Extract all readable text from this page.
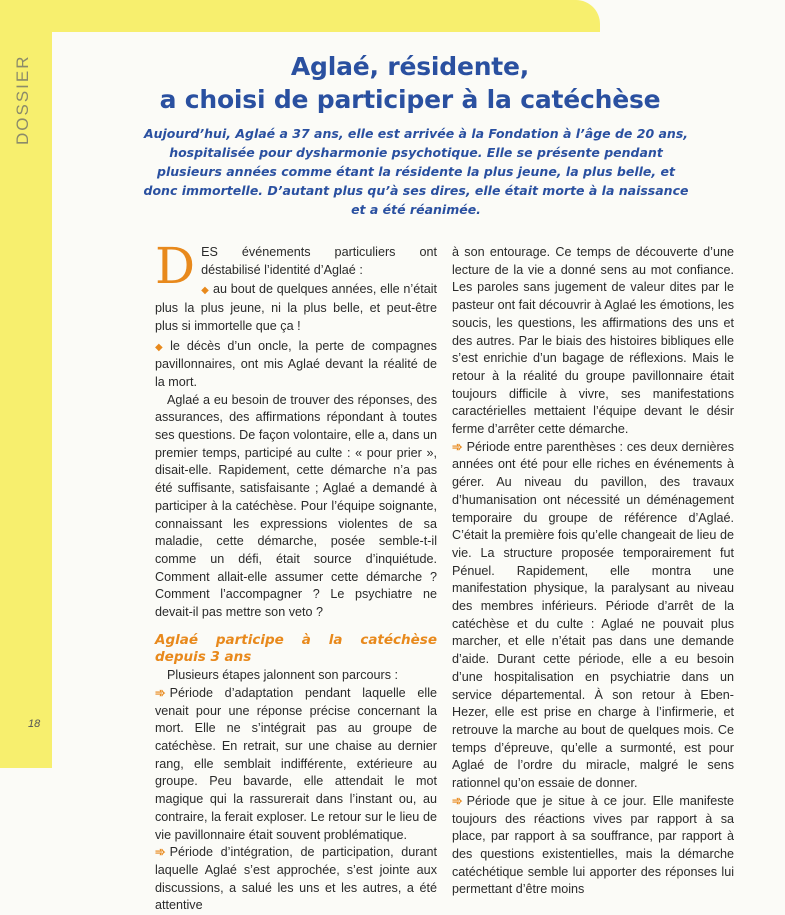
DOSSIER	Aglaé, résidente,
a choisi de participer à la catéchèse
Aujourd’hui, Aglaé a 37 ans, elle est arrivée à la Fondation à l’âge de 20 ans, hospitalisée pour dysharmonie psychotique. Elle se présente pendant plusieurs années comme étant la résidente la plus jeune, la plus belle, et donc immortelle. D’autant plus qu’à ses dires, elle était morte à la naissance et a été réanimée.

DES événements particuliers ont déstabilisé l’identité d’Aglaé :

◆ au bout de quelques années, elle n’était plus la plus jeune, ni la plus belle, et peut-être plus si immortelle que ça !

◆ le décès d’un oncle, la perte de compagnes pavillonnaires, ont mis Aglaé devant la réalité de la mort.

Aglaé a eu besoin de trouver des réponses, des assurances, des affirmations répondant à toutes ses questions. De façon volontaire, elle a, dans un premier temps, participé au culte : « pour prier », disait-elle. Rapidement, cette démarche n’a pas été suffisante, satisfaisante ; Aglaé a demandé à participer à la catéchèse. Pour l’équipe soignante, connaissant les expressions violentes de sa maladie, cette démarche, posée semble-t-il comme un défi, était source d’inquiétude. Comment allait-elle assumer cette démarche ? Comment l’accompagner ? Le psychiatre ne devait-il pas mettre son veto ?

Aglaé participe à la catéchèse depuis 3 ans

Plusieurs étapes jalonnent son parcours :

➾ Période d’adaptation pendant laquelle elle venait pour une réponse précise concernant la mort. Elle ne s’intégrait pas au groupe de catéchèse. En retrait, sur une chaise au dernier rang, elle semblait indifférente, extérieure au groupe. Peu bavarde, elle attendait le mot magique qui la rassurerait dans l’instant ou, au contraire, la ferait exploser. Le retour sur le lieu de vie pavillonnaire était souvent problématique.

➾ Période d’intégration, de participation, durant laquelle Aglaé s’est approchée, s’est jointe aux discussions, a salué les uns et les autres, a été attentive

à son entourage. Ce temps de découverte d’une lecture de la vie a donné sens au mot confiance. Les paroles sans jugement de valeur dites par le pasteur ont fait découvrir à Aglaé les émotions, les soucis, les questions, les affirmations des uns et des autres. Par le biais des histoires bibliques elle s’est enrichie d’un bagage de réflexions. Mais le retour à la réalité du groupe pavillonnaire était toujours difficile à vivre, ses manifestations caractérielles mettaient l’équipe devant le désir ferme d’arrêter cette démarche.

➾ Période entre parenthèses : ces deux dernières années ont été pour elle riches en événements à gérer. Au niveau du pavillon, des travaux d’humanisation ont nécessité un déménagement temporaire du groupe de référence d’Aglaé. C’était la première fois qu’elle changeait de lieu de vie. La structure proposée temporairement fut Pénuel. Rapidement, elle montra une manifestation physique, la paralysant au niveau des membres inférieurs. Période d’arrêt de la catéchèse et du culte : Aglaé ne pouvait plus marcher, et elle n’était pas dans une demande d’aide. Durant cette période, elle a eu besoin d’une hospitalisation en psychiatrie dans un service départemental. À son retour à Eben-Hezer, elle est prise en charge à l’infirmerie, et retrouve la marche au bout de quelques mois. Ce temps d’épreuve, qu’elle a surmonté, est pour Aglaé de l’ordre du miracle, malgré le sens rationnel qu’on essaie de donner.

➾ Période que je situe à ce jour. Elle manifeste toujours des réactions vives par rapport à sa place, par rapport à sa souffrance, par rapport à des questions existentielles, mais la démarche catéchétique semble lui apporter des réponses lui permettant d’être moins

18
